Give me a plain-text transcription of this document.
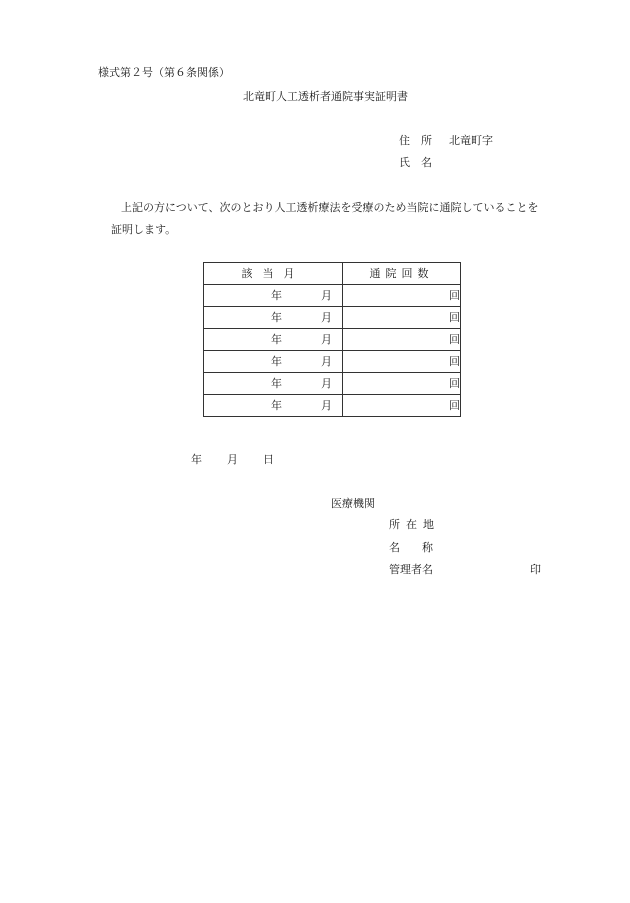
様式第２号（第６条関係）
北竜町人工透析者通院事実証明書
住所 北竜町字
氏名
上記の方について、次のとおり人工透析療法を受療のため当院に通院していることを
証明します。
該当月	通院回数
年 月	回
年 月	回
年 月	回
年 月	回
年 月	回
年 月	回
年 月 日
医療機関
所在地
名称
管理者名	印
